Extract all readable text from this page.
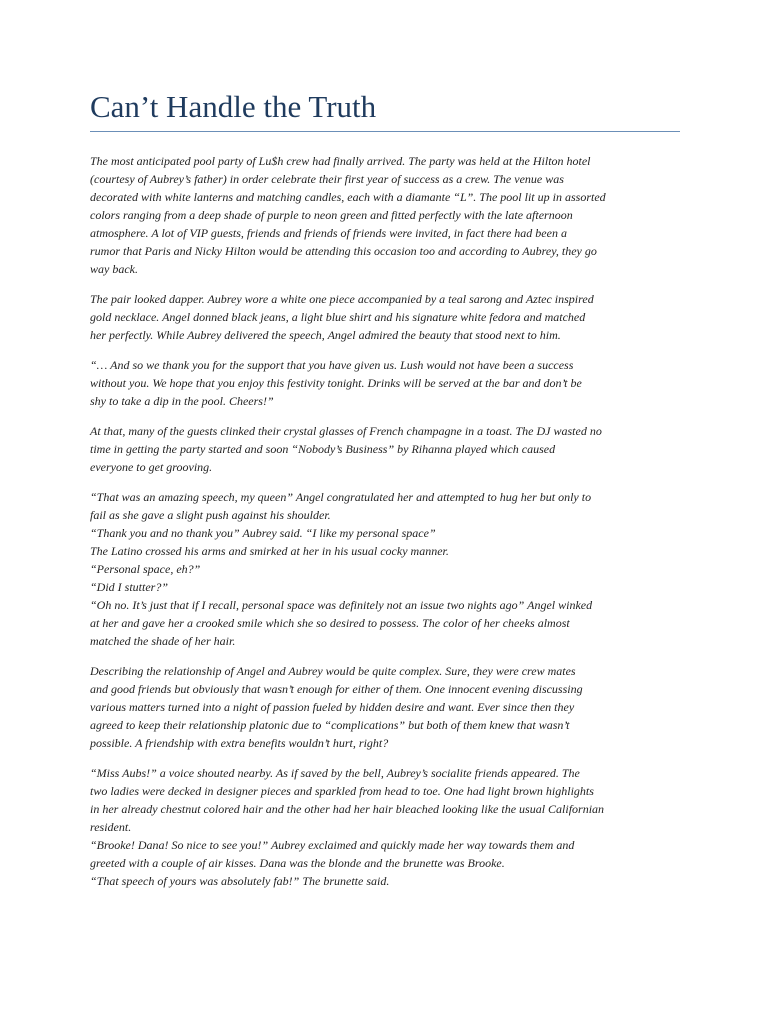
Can’t Handle the Truth

The most anticipated pool party of Lu$h crew had finally arrived. The party was held at the Hilton hotel
(courtesy of Aubrey’s father) in order celebrate their first year of success as a crew. The venue was
decorated with white lanterns and matching candles, each with a diamante “L”. The pool lit up in assorted
colors ranging from a deep shade of purple to neon green and fitted perfectly with the late afternoon
atmosphere. A lot of VIP guests, friends and friends of friends were invited, in fact there had been a
rumor that Paris and Nicky Hilton would be attending this occasion too and according to Aubrey, they go
way back.

The pair looked dapper. Aubrey wore a white one piece accompanied by a teal sarong and Aztec inspired
gold necklace. Angel donned black jeans, a light blue shirt and his signature white fedora and matched
her perfectly. While Aubrey delivered the speech, Angel admired the beauty that stood next to him.

“… And so we thank you for the support that you have given us. Lush would not have been a success
without you. We hope that you enjoy this festivity tonight. Drinks will be served at the bar and don’t be
shy to take a dip in the pool. Cheers!”

At that, many of the guests clinked their crystal glasses of French champagne in a toast. The DJ wasted no
time in getting the party started and soon “Nobody’s Business” by Rihanna played which caused
everyone to get grooving.

“That was an amazing speech, my queen” Angel congratulated her and attempted to hug her but only to
fail as she gave a slight push against his shoulder.
“Thank you and no thank you” Aubrey said. “I like my personal space”
The Latino crossed his arms and smirked at her in his usual cocky manner.
“Personal space, eh?”
“Did I stutter?”
“Oh no. It’s just that if I recall, personal space was definitely not an issue two nights ago” Angel winked
at her and gave her a crooked smile which she so desired to possess. The color of her cheeks almost
matched the shade of her hair.

Describing the relationship of Angel and Aubrey would be quite complex. Sure, they were crew mates
and good friends but obviously that wasn’t enough for either of them. One innocent evening discussing
various matters turned into a night of passion fueled by hidden desire and want. Ever since then they
agreed to keep their relationship platonic due to “complications” but both of them knew that wasn’t
possible. A friendship with extra benefits wouldn’t hurt, right?

“Miss Aubs!” a voice shouted nearby. As if saved by the bell, Aubrey’s socialite friends appeared. The
two ladies were decked in designer pieces and sparkled from head to toe. One had light brown highlights
in her already chestnut colored hair and the other had her hair bleached looking like the usual Californian
resident.
“Brooke! Dana! So nice to see you!” Aubrey exclaimed and quickly made her way towards them and
greeted with a couple of air kisses. Dana was the blonde and the brunette was Brooke.
“That speech of yours was absolutely fab!” The brunette said.
